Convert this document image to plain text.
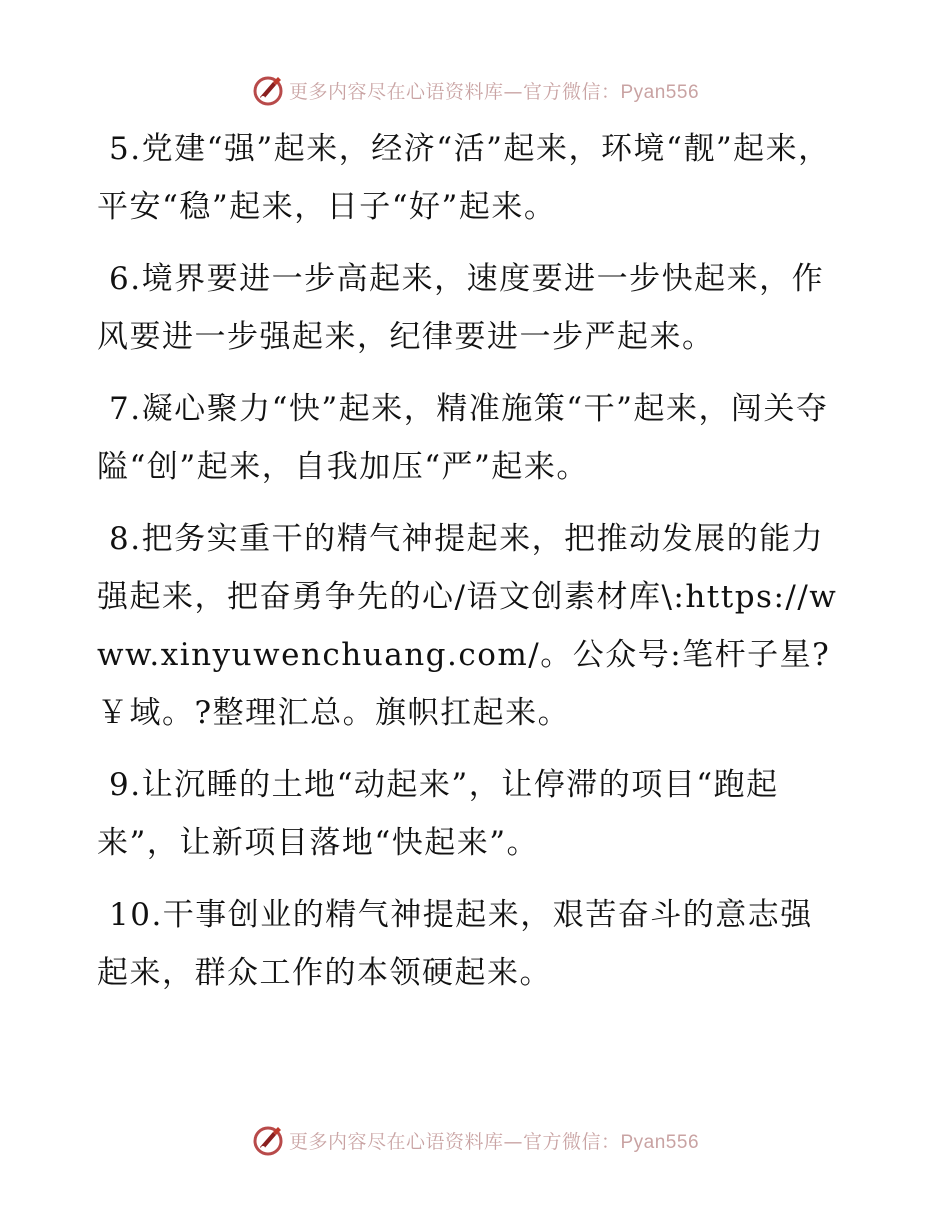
更多内容尽在心语资料库—官方微信：Pyan556

5.党建“强”起来，经济“活”起来，环境“靓”起来，平安“稳”起来，日子“好”起来。

6.境界要进一步高起来，速度要进一步快起来，作风要进一步强起来，纪律要进一步严起来。

7.凝心聚力“快”起来，精准施策“干”起来，闯关夺隘“创”起来，自我加压“严”起来。

8.把务实重干的精气神提起来，把推动发展的能力强起来，把奋勇争先的心/语文创素材库\:https://www.xinyuwenchuang.com/。公众号:笔杆子星?￥域。?整理汇总。旗帜扛起来。

9.让沉睡的土地“动起来”，让停滞的项目“跑起来”，让新项目落地“快起来”。

10.干事创业的精气神提起来，艰苦奋斗的意志强起来，群众工作的本领硬起来。

更多内容尽在心语资料库—官方微信：Pyan556
